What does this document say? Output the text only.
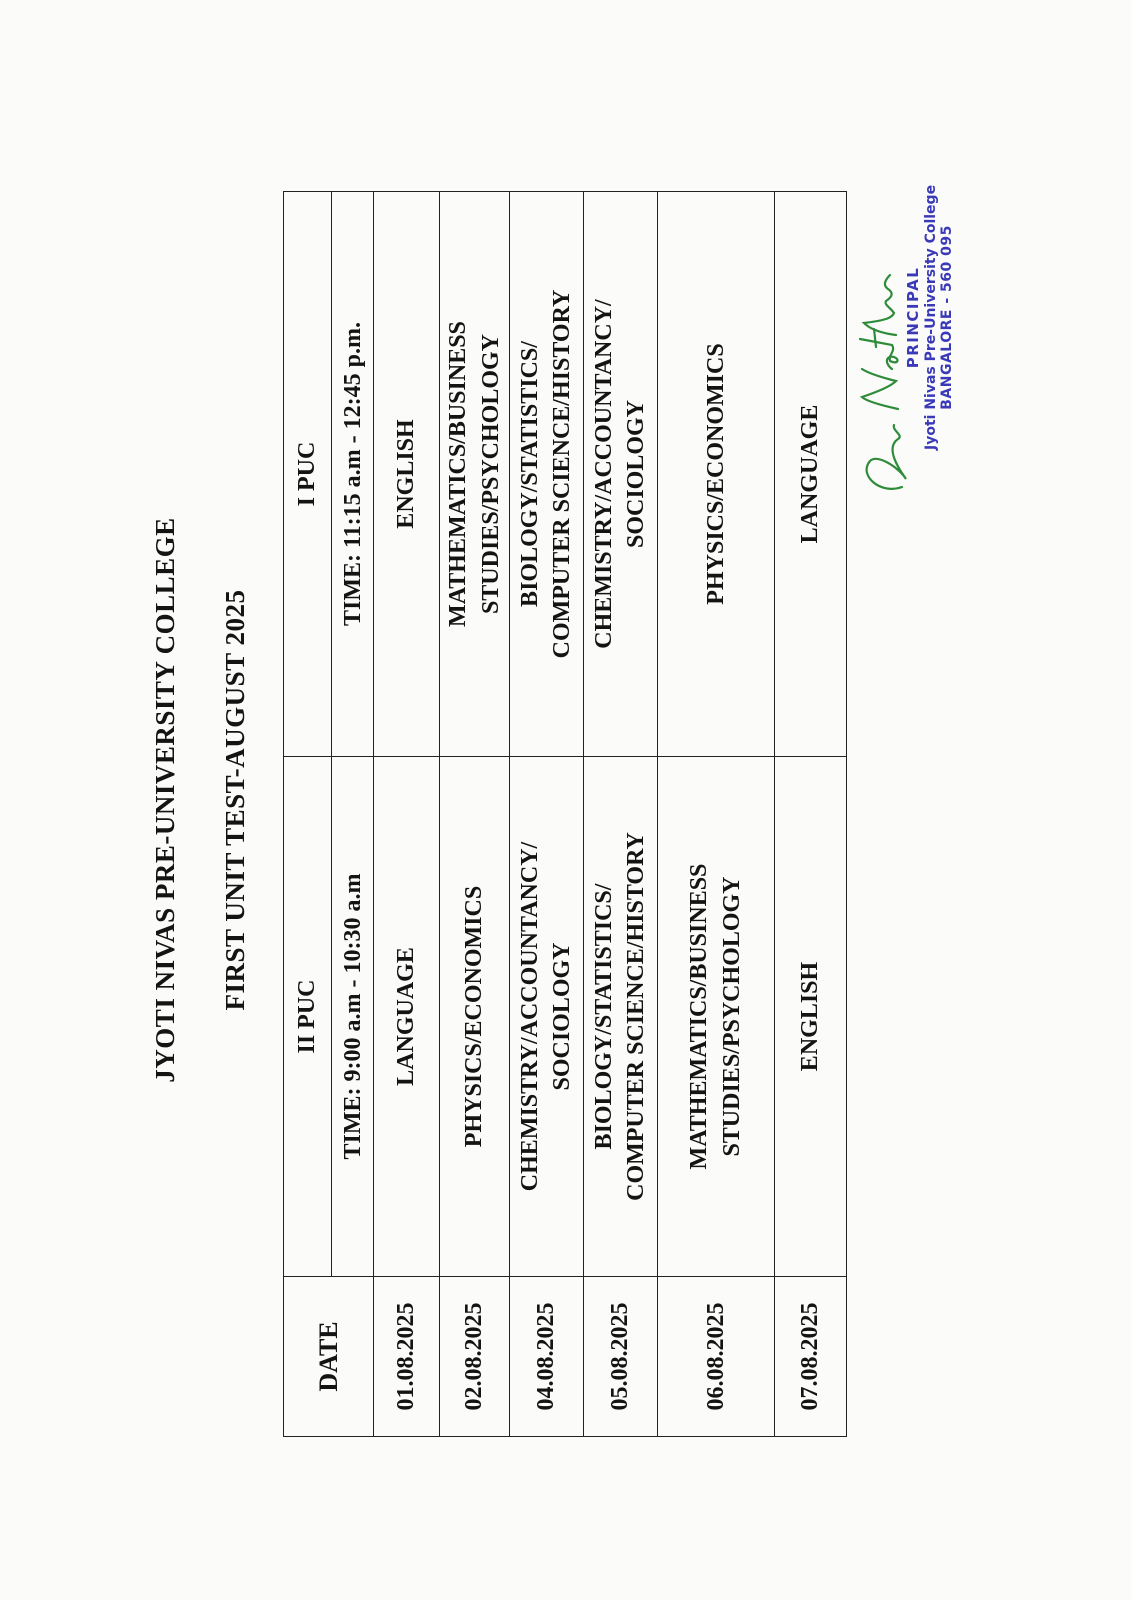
JYOTI NIVAS PRE-UNIVERSITY COLLEGE FIRST UNIT TEST-AUGUST 2025
DATE	II PUC	I PUC
	TIME: 9:00 a.m - 10:30 a.m	TIME: 11:15 a.m - 12:45 p.m.
01.08.2025	LANGUAGE	ENGLISH
02.08.2025	PHYSICS/ECONOMICS	MATHEMATICS/BUSINESS STUDIES/PSYCHOLOGY
04.08.2025	CHEMISTRY/ACCOUNTANCY/ SOCIOLOGY	BIOLOGY/STATISTICS/ COMPUTER SCIENCE/HISTORY
05.08.2025	BIOLOGY/STATISTICS/ COMPUTER SCIENCE/HISTORY	CHEMISTRY/ACCOUNTANCY/ SOCIOLOGY
06.08.2025	MATHEMATICS/BUSINESS STUDIES/PSYCHOLOGY	PHYSICS/ECONOMICS
07.08.2025	ENGLISH	LANGUAGE
PRINCIPAL Jyoti Nivas Pre-University College BANGALORE - 560 095
